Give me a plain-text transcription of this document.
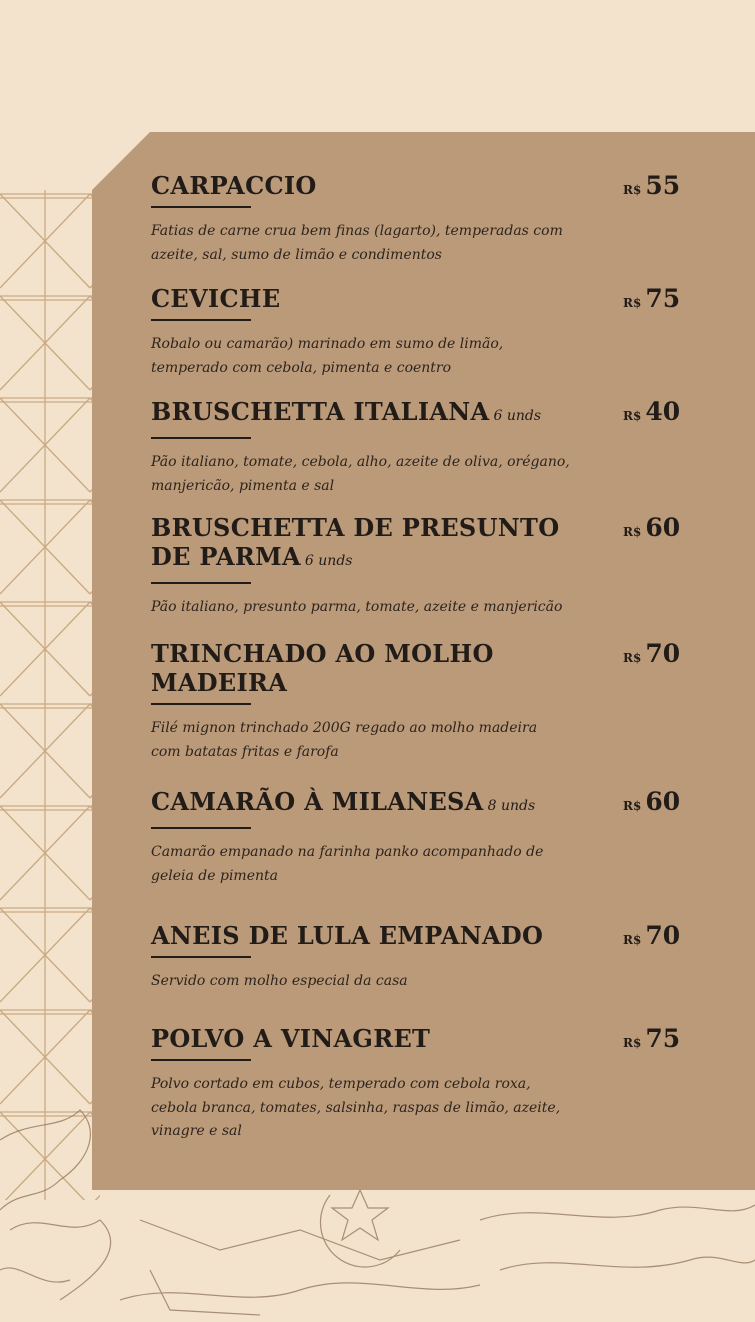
CARPACCIO
Fatias de carne crua bem finas (lagarto), temperadas com azeite, sal, sumo de limão e condimentos
R$ 55
CEVICHE
Robalo ou camarão) marinado em sumo de limão, temperado com cebola, pimenta e coentro
R$ 75
BRUSCHETTA ITALIANA 6 unds
Pão italiano, tomate, cebola, alho, azeite de oliva, orégano, manjericão, pimenta e sal
R$ 40
BRUSCHETTA DE PRESUNTO DE PARMA 6 unds
Pão italiano, presunto parma, tomate, azeite e manjericão
R$ 60
TRINCHADO AO MOLHO MADEIRA
Filé mignon trinchado 200G regado ao molho madeira com batatas fritas e farofa
R$ 70
CAMARÃO À MILANESA 8 unds
Camarão empanado na farinha panko acompanhado de geleia de pimenta
R$ 60
ANEIS DE LULA EMPANADO
Servido com molho especial da casa
R$ 70
POLVO A VINAGRET
Polvo cortado em cubos, temperado com cebola roxa, cebola branca, tomates, salsinha, raspas de limão, azeite, vinagre e sal
R$ 75
